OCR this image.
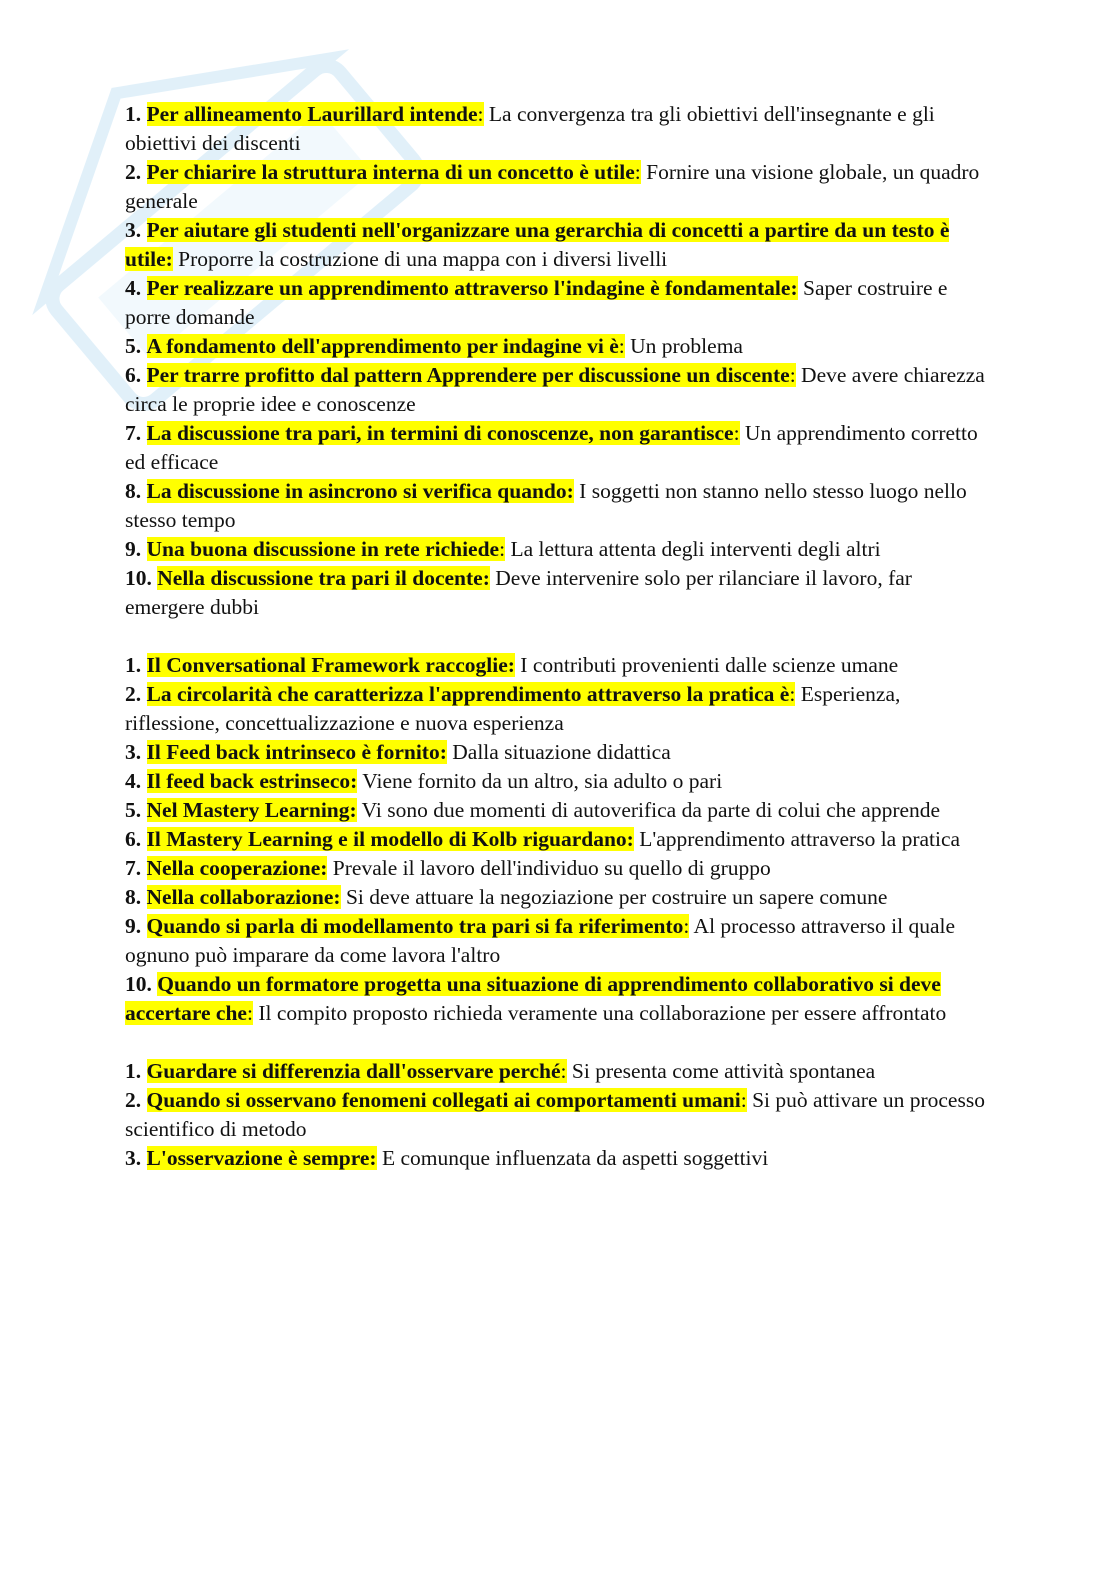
1. Per allineamento Laurillard intende: La convergenza tra gli obiettivi dell'insegnante e gli obiettivi dei discenti

2. Per chiarire la struttura interna di un concetto è utile: Fornire una visione globale, un quadro generale

3. Per aiutare gli studenti nell'organizzare una gerarchia di concetti a partire da un testo è utile: Proporre la costruzione di una mappa con i diversi livelli

4. Per realizzare un apprendimento attraverso l'indagine è fondamentale: Saper costruire e porre domande

5. A fondamento dell'apprendimento per indagine vi è: Un problema

6. Per trarre profitto dal pattern Apprendere per discussione un discente: Deve avere chiarezza circa le proprie idee e conoscenze

7. La discussione tra pari, in termini di conoscenze, non garantisce: Un apprendimento corretto ed efficace

8. La discussione in asincrono si verifica quando: I soggetti non stanno nello stesso luogo nello stesso tempo

9. Una buona discussione in rete richiede: La lettura attenta degli interventi degli altri

10. Nella discussione tra pari il docente: Deve intervenire solo per rilanciare il lavoro, far emergere dubbi

1. Il Conversational Framework raccoglie: I contributi provenienti dalle scienze umane

2. La circolarità che caratterizza l'apprendimento attraverso la pratica è: Esperienza, riflessione, concettualizzazione e nuova esperienza

3. Il Feed back intrinseco è fornito: Dalla situazione didattica

4. Il feed back estrinseco: Viene fornito da un altro, sia adulto o pari

5. Nel Mastery Learning: Vi sono due momenti di autoverifica da parte di colui che apprende

6. Il Mastery Learning e il modello di Kolb riguardano: L'apprendimento attraverso la pratica

7. Nella cooperazione: Prevale il lavoro dell'individuo su quello di gruppo

8. Nella collaborazione: Si deve attuare la negoziazione per costruire un sapere comune

9. Quando si parla di modellamento tra pari si fa riferimento: Al processo attraverso il quale ognuno può imparare da come lavora l'altro

10. Quando un formatore progetta una situazione di apprendimento collaborativo si deve accertare che: Il compito proposto richieda veramente una collaborazione per essere affrontato

1. Guardare si differenzia dall'osservare perché: Si presenta come attività spontanea

2. Quando si osservano fenomeni collegati ai comportamenti umani: Si può attivare un processo scientifico di metodo

3. L'osservazione è sempre: E comunque influenzata da aspetti soggettivi
